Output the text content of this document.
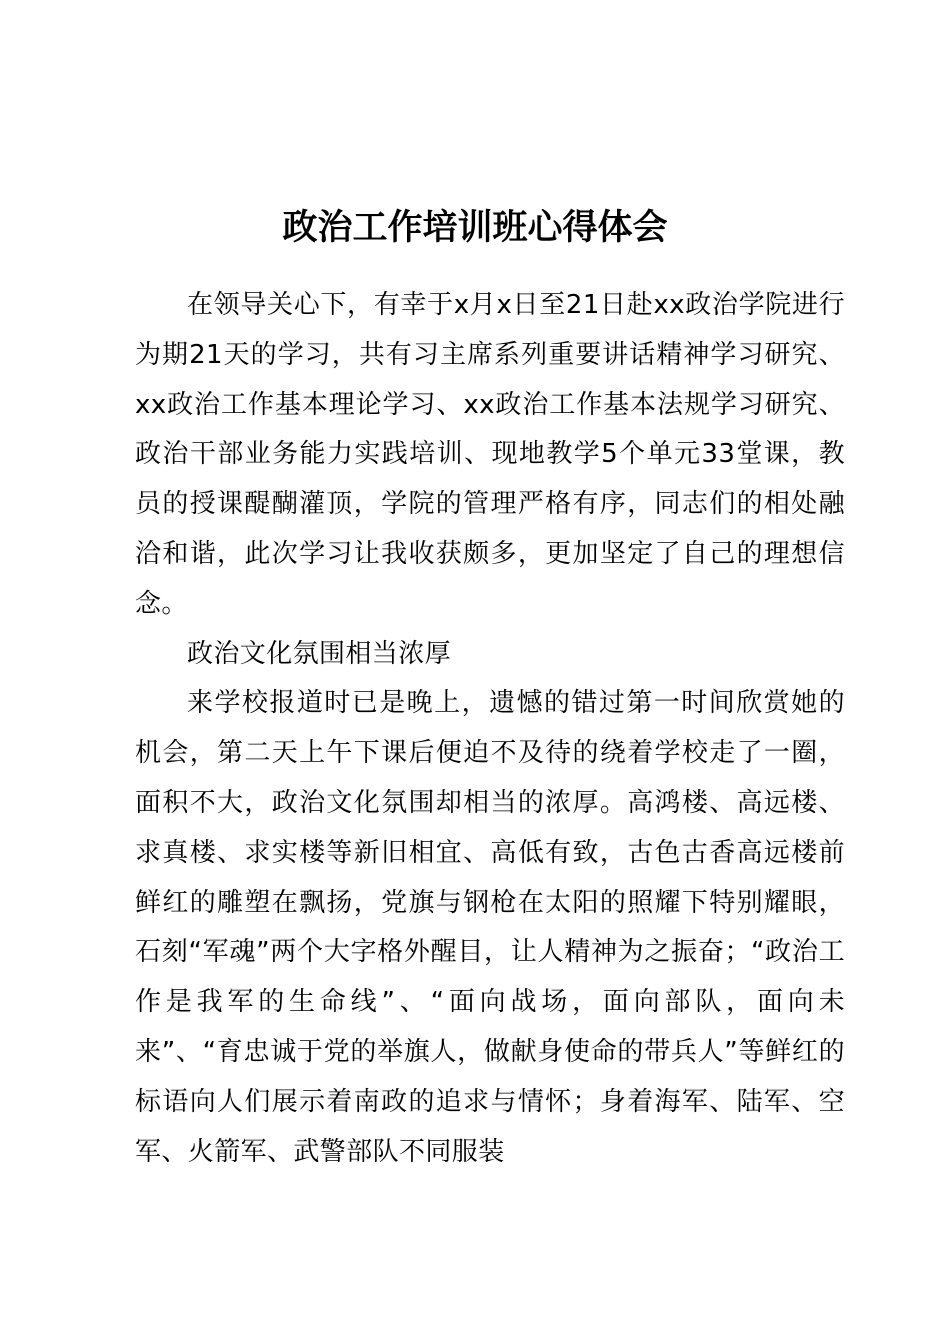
政治工作培训班心得体会

在领导关心下，有幸于x月x日至21日赴xx政治学院进行为期21天的学习，共有习主席系列重要讲话精神学习研究、xx政治工作基本理论学习、xx政治工作基本法规学习研究、政治干部业务能力实践培训、现地教学5个单元33堂课，教员的授课醍醐灌顶，学院的管理严格有序，同志们的相处融洽和谐，此次学习让我收获颇多，更加坚定了自己的理想信念。

政治文化氛围相当浓厚

来学校报道时已是晚上，遗憾的错过第一时间欣赏她的机会，第二天上午下课后便迫不及待的绕着学校走了一圈，面积不大，政治文化氛围却相当的浓厚。高鸿楼、高远楼、求真楼、求实楼等新旧相宜、高低有致，古色古香高远楼前鲜红的雕塑在飘扬，党旗与钢枪在太阳的照耀下特别耀眼，石刻“军魂”两个大字格外醒目，让人精神为之振奋；“政治工作是我军的生命线”、“面向战场，面向部队，面向未来”、“育忠诚于党的举旗人，做献身使命的带兵人”等鲜红的标语向人们展示着南政的追求与情怀；身着海军、陆军、空军、火箭军、武警部队不同服装
